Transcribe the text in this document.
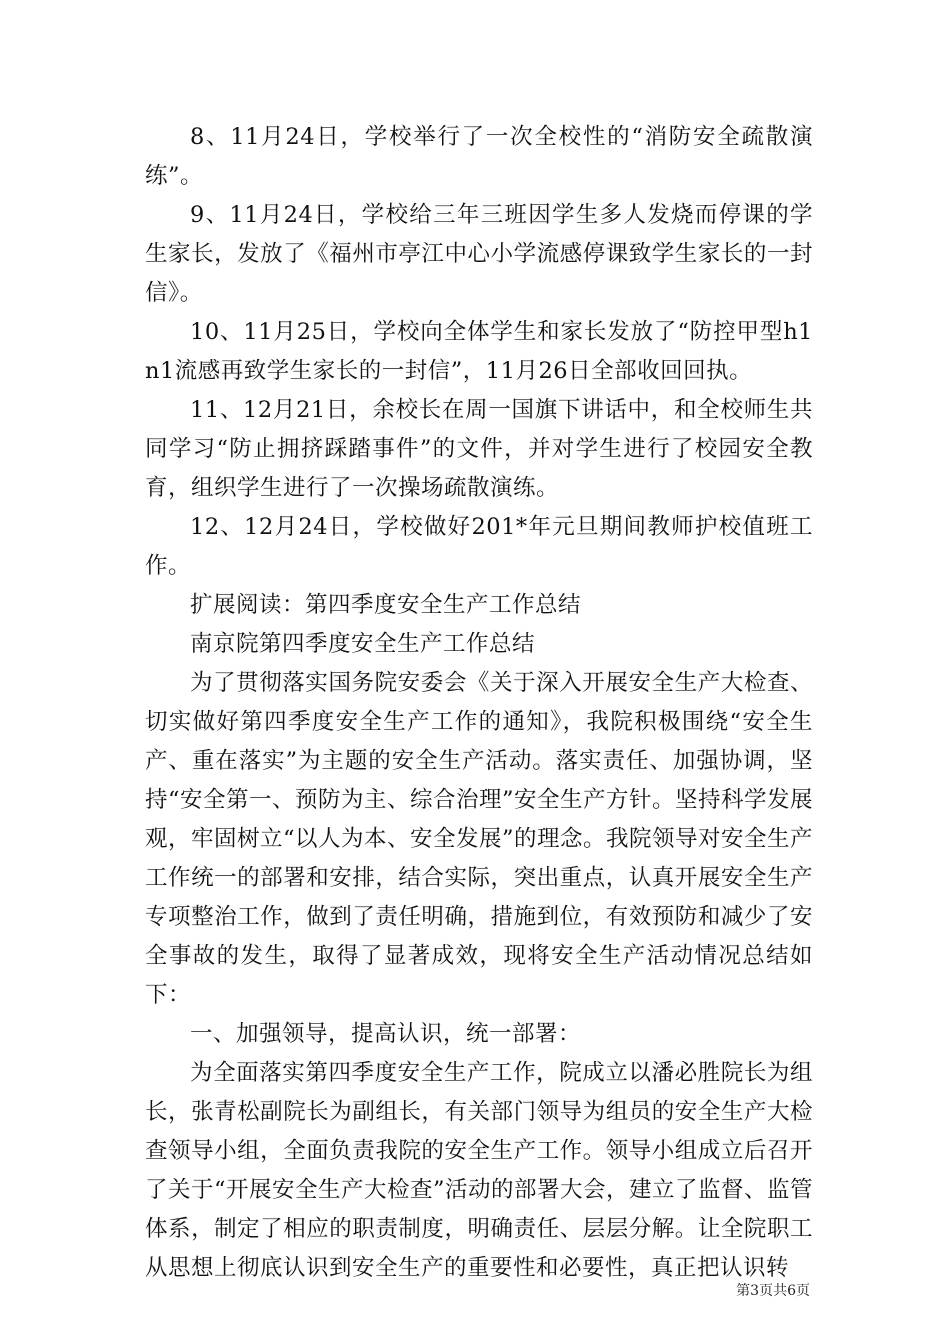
8、11月24日，学校举行了一次全校性的“消防安全疏散演练”。

9、11月24日，学校给三年三班因学生多人发烧而停课的学生家长，发放了《福州市亭江中心小学流感停课致学生家长的一封信》。

10、11月25日，学校向全体学生和家长发放了“防控甲型h1n1流感再致学生家长的一封信”，11月26日全部收回回执。

11、12月21日，余校长在周一国旗下讲话中，和全校师生共同学习“防止拥挤踩踏事件”的文件，并对学生进行了校园安全教育，组织学生进行了一次操场疏散演练。

12、12月24日，学校做好201*年元旦期间教师护校值班工作。

扩展阅读：第四季度安全生产工作总结

南京院第四季度安全生产工作总结

为了贯彻落实国务院安委会《关于深入开展安全生产大检查、切实做好第四季度安全生产工作的通知》，我院积极围绕“安全生产、重在落实”为主题的安全生产活动。落实责任、加强协调，坚持“安全第一、预防为主、综合治理”安全生产方针。坚持科学发展观，牢固树立“以人为本、安全发展”的理念。我院领导对安全生产工作统一的部署和安排，结合实际，突出重点，认真开展安全生产专项整治工作，做到了责任明确，措施到位，有效预防和减少了安全事故的发生，取得了显著成效，现将安全生产活动情况总结如下：

一、加强领导，提高认识，统一部署：

为全面落实第四季度安全生产工作，院成立以潘必胜院长为组长，张青松副院长为副组长，有关部门领导为组员的安全生产大检查领导小组，全面负责我院的安全生产工作。领导小组成立后召开了关于“开展安全生产大检查”活动的部署大会，建立了监督、监管体系，制定了相应的职责制度，明确责任、层层分解。让全院职工从思想上彻底认识到安全生产的重要性和必要性，真正把认识转

第3页共6页
